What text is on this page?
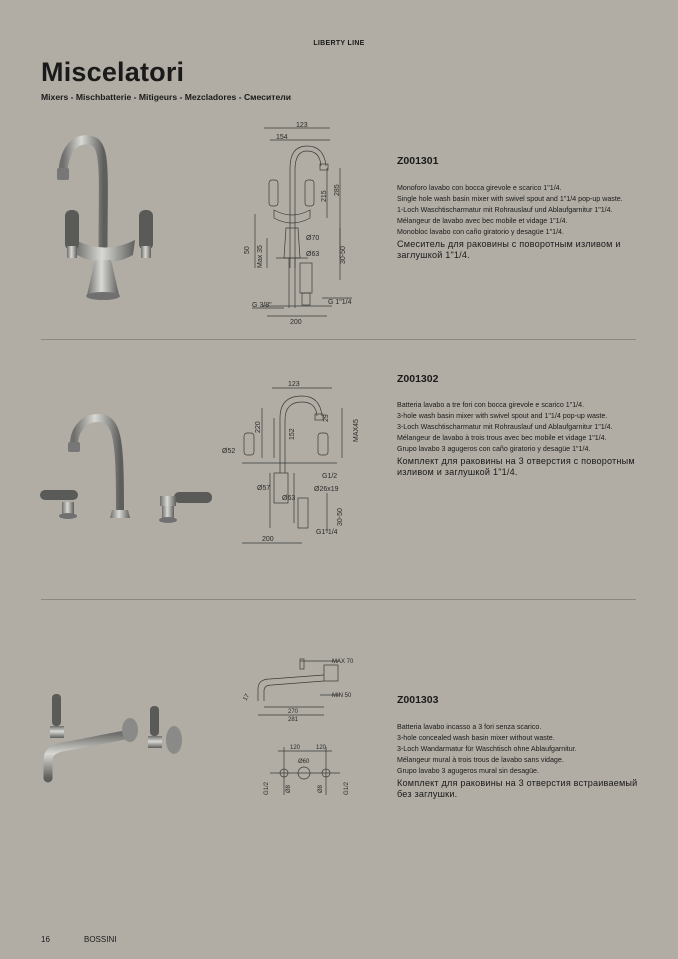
LIBERTY LINE
Miscelatori
Mixers - Mischbatterie - Mitigeurs - Mezcladores - Смесители
123
154
215
285
50 Max 35
Ø70
Ø63	30-50
G 3/8"	G 1"1/4
200
Z001301

Monoforo lavabo con bocca girevole e scarico 1"1/4.

Single hole wash basin mixer with swivel spout and 1"1/4 pop-up waste.

1-Loch Waschtischarmatur mit Rohrauslauf und Ablaufgarnitur 1"1/4.

Mélangeur de lavabo avec bec mobile et vidage 1"1/4.

Monobloc lavabo con caño giratorio y desagüe 1"1/4.

Смеситель для раковины с поворотным изливом и заглушкой 1"1/4.

123
220
152
29
MAX45
Ø52
G1/2
Ø57	Ø26x19
Ø63
30-50
G1"1/4
200
Z001302

Batteria lavabo a tre fori con bocca girevole e scarico 1"1/4.

3-hole wash basin mixer with swivel spout and 1"1/4 pop-up waste.

3-Loch Waschtischarmatur mit Rohrauslauf und Ablaufgarnitur 1"1/4.

Mélangeur de lavabo à trois trous avec bec mobile et vidage 1"1/4.

Grupo lavabo 3 agugeros con caño giratorio y desagüe 1"1/4.

Комплект для раковины на 3 отверстия с поворотным изливом и заглушкой 1"1/4.

MAX 70
17	MIN 50
270
281
120	120
Ø60
Ø8	Ø8
G1/2	G1/2
Z001303

Batteria lavabo incasso a 3 fori senza scarico.

3-hole concealed wash basin mixer without waste.

3-Loch Wandarmatur für Waschtisch ohne Ablaufgarnitur.

Mélangeur mural à trois trous de lavabo sans vidage.

Grupo lavabo 3 agugeros mural sin desagüe.

Комплект для раковины на 3 отверстия встраиваемый без заглушки.

16	BOSSINI
